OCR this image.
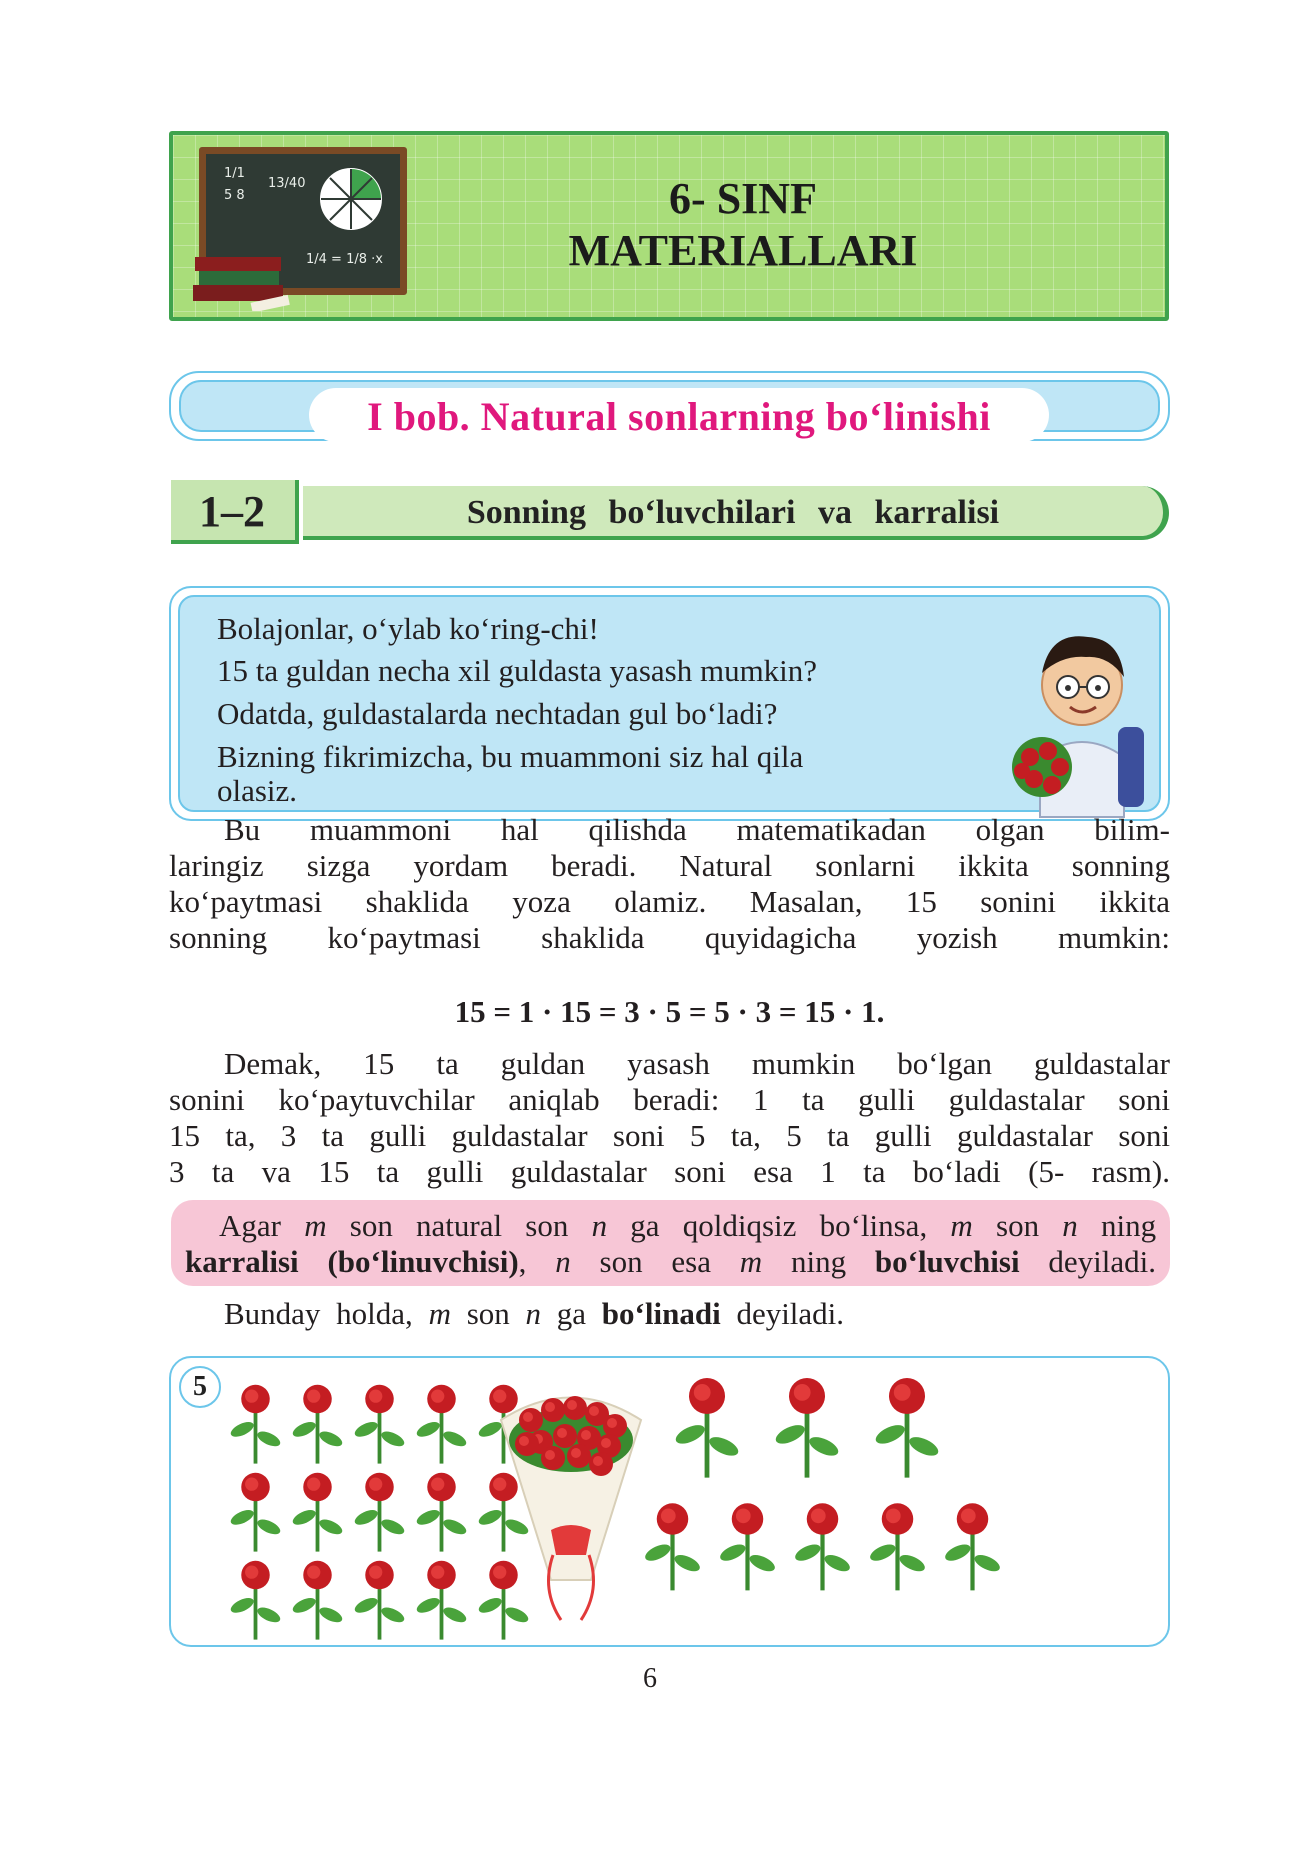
1/1
5 8
13/40
1/4 = 1/8 ·x
6- SINF
MATERIALLARI
I bob. Natural sonlarning bo‘linishi
1–2	Sonning bo‘luvchilari va karralisi
Bolajonlar, o‘ylab ko‘ring-chi!
15 ta guldan necha xil guldasta yasash mumkin?
Odatda, guldastalarda nechtadan gul bo‘ladi?
Bizning fikrimizcha, bu muammoni siz hal qila
olasiz.
Bu muammoni hal qilishda matematikadan olgan bilim-
laringiz sizga yordam beradi. Natural sonlarni ikkita sonning
ko‘paytmasi shaklida yoza olamiz. Masalan, 15 sonini ikkita
sonning ko‘paytmasi shaklida quyidagicha yozish mumkin:
15 = 1 · 15 = 3 · 5 = 5 · 3 = 15 · 1.
Demak, 15 ta guldan yasash mumkin bo‘lgan guldastalar
sonini ko‘paytuvchilar aniqlab beradi: 1 ta gulli guldastalar soni
15 ta, 3 ta gulli guldastalar soni 5 ta, 5 ta gulli guldastalar soni
3 ta va 15 ta gulli guldastalar soni esa 1 ta bo‘ladi (5- rasm).
Agar m son natural son n ga qoldiqsiz bo‘linsa, m son n ning
karralisi (bo‘linuvchisi), n son esa m ning bo‘luvchisi deyiladi.
Bunday holda, m son n ga bo‘linadi deyiladi.
5
6
